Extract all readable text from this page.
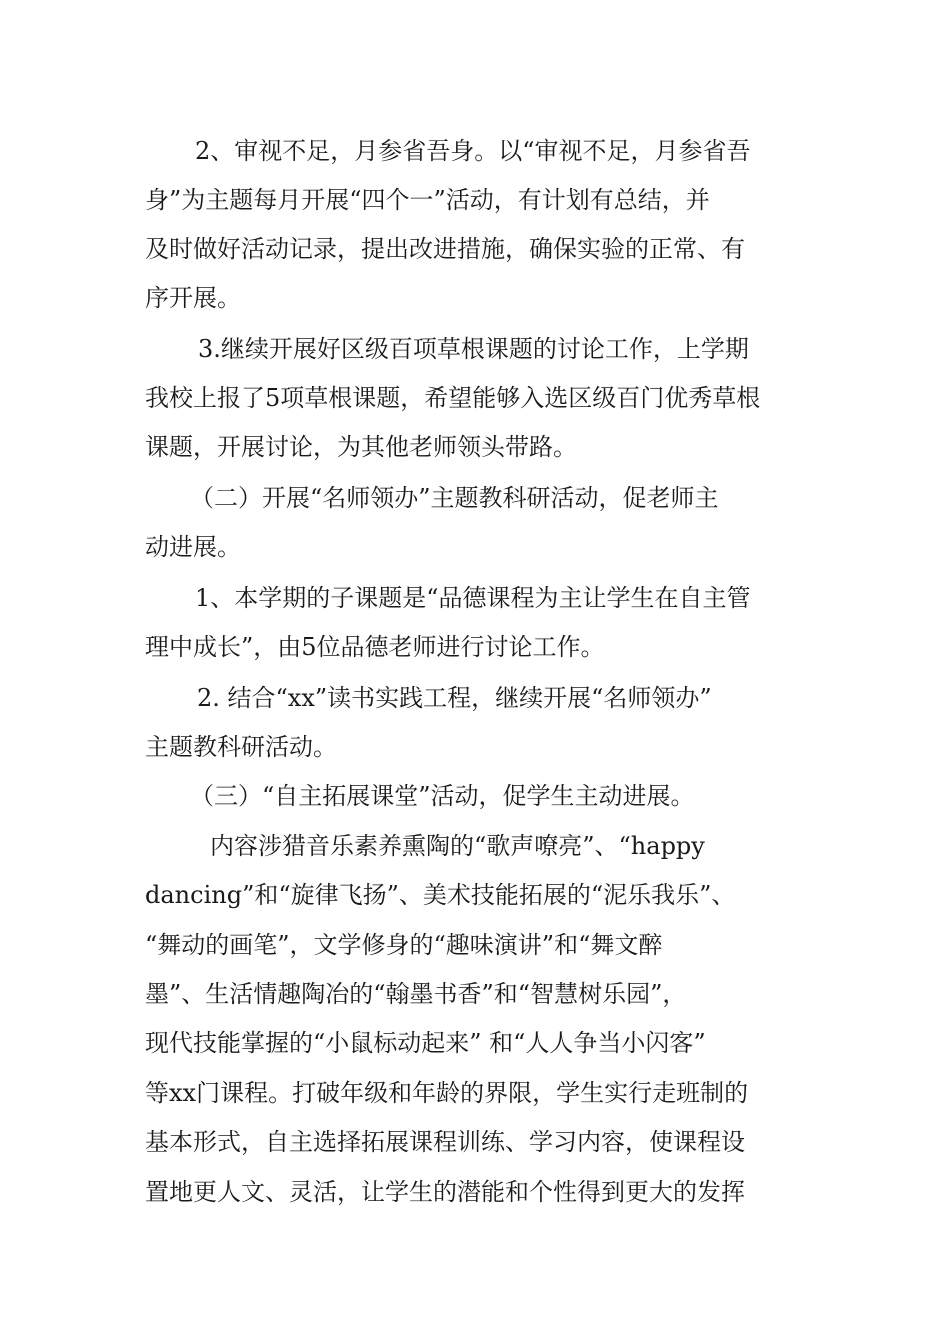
2、审视不足，月参省吾身。以“审视不足，月参省吾
身”为主题每月开展“四个一”活动，有计划有总结，并
及时做好活动记录，提出改进措施，确保实验的正常、有
序开展。
3.继续开展好区级百项草根课题的讨论工作，上学期
我校上报了5项草根课题，希望能够入选区级百门优秀草根
课题，开展讨论，为其他老师领头带路。
（二）开展“名师领办”主题教科研活动，促老师主
动进展。
1、本学期的子课题是“品德课程为主让学生在自主管
理中成长”，由5位品德老师进行讨论工作。
2. 结合“xx”读书实践工程，继续开展“名师领办”
主题教科研活动。
（三）“自主拓展课堂”活动，促学生主动进展。
内容涉猎音乐素养熏陶的“歌声嘹亮”、“happy
dancing”和“旋律飞扬”、美术技能拓展的“泥乐我乐”、
“舞动的画笔”，文学修身的“趣味演讲”和“舞文醉
墨”、生活情趣陶冶的“翰墨书香”和“智慧树乐园”，
现代技能掌握的“小鼠标动起来” 和“人人争当小闪客”
等xx门课程。打破年级和年龄的界限，学生实行走班制的
基本形式，自主选择拓展课程训练、学习内容，使课程设
置地更人文、灵活，让学生的潜能和个性得到更大的发挥
